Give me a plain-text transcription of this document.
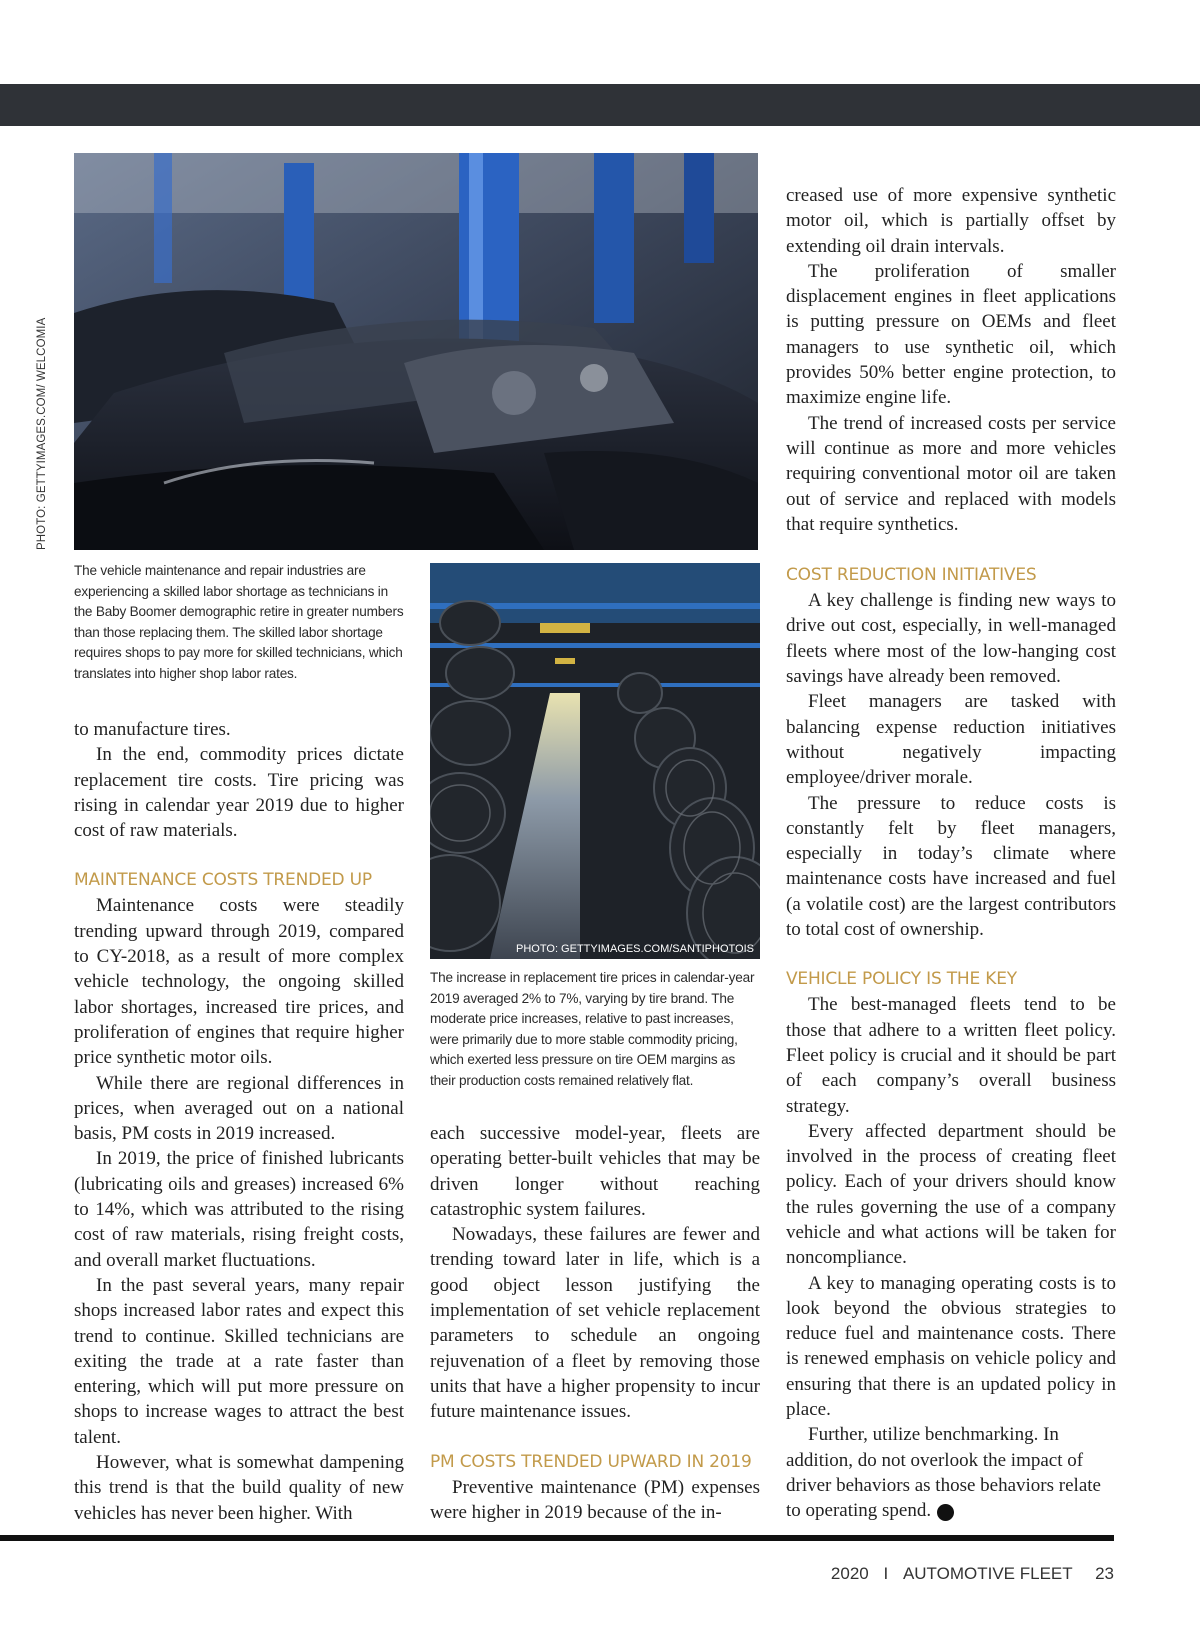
PHOTO: GETTYIMAGES.COM/ WELCOMIA
The vehicle maintenance and repair industries are experiencing a skilled labor shortage as technicians in the Baby Boomer demographic retire in greater numbers than those replacing them. The skilled labor shortage requires shops to pay more for skilled technicians, which translates into higher shop labor rates.
PHOTO: GETTYIMAGES.COM/SANTIPHOTOIS
The increase in replacement tire prices in calendar-year 2019 averaged 2% to 7%, varying by tire brand. The moderate price increases, relative to past increases, were primarily due to more stable commodity pricing, which exerted less pressure on tire OEM margins as their production costs remained relatively flat.

to manufacture tires.

In the end, commodity prices dictate replacement tire costs. Tire pricing was rising in calendar year 2019 due to higher cost of raw materials.

MAINTENANCE COSTS TRENDED UP

Maintenance costs were steadily trending upward through 2019, compared to CY-2018, as a result of more complex vehicle technology, the ongoing skilled labor shortages, increased tire prices, and proliferation of engines that require higher price synthetic motor oils.

While there are regional differences in prices, when averaged out on a national basis, PM costs in 2019 increased.

In 2019, the price of finished lubricants (lubricating oils and greases) increased 6% to 14%, which was attributed to the rising cost of raw materials, rising freight costs, and overall market fluctuations.

In the past several years, many repair shops increased labor rates and expect this trend to continue. Skilled technicians are exiting the trade at a rate faster than entering, which will put more pressure on shops to increase wages to attract the best talent.

However, what is somewhat dampening this trend is that the build quality of new vehicles has never been higher. With

each successive model-year, fleets are operating better-built vehicles that may be driven longer without reaching catastrophic system failures.

Nowadays, these failures are fewer and trending toward later in life, which is a good object lesson justifying the implementation of set vehicle replacement parameters to schedule an ongoing rejuvenation of a fleet by removing those units that have a higher propensity to incur future maintenance issues.

PM COSTS TRENDED UPWARD IN 2019

Preventive maintenance (PM) expenses were higher in 2019 because of the in-

creased use of more expensive synthetic motor oil, which is partially offset by extending oil drain intervals.

The proliferation of smaller displacement engines in fleet applications is putting pressure on OEMs and fleet managers to use synthetic oil, which provides 50% better engine protection, to maximize engine life.

The trend of increased costs per service will continue as more and more vehicles requiring conventional motor oil are taken out of service and replaced with models that require synthetics.

COST REDUCTION INITIATIVES

A key challenge is finding new ways to drive out cost, especially, in well-managed fleets where most of the low-hanging cost savings have already been removed.

Fleet managers are tasked with balancing expense reduction initiatives without negatively impacting employee/driver morale.

The pressure to reduce costs is constantly felt by fleet managers, especially in today’s climate where maintenance costs have increased and fuel (a volatile cost) are the largest contributors to total cost of ownership.

VEHICLE POLICY IS THE KEY

The best-managed fleets tend to be those that adhere to a written fleet policy. Fleet policy is crucial and it should be part of each company’s overall business strategy.

Every affected department should be involved in the process of creating fleet policy. Each of your drivers should know the rules governing the use of a company vehicle and what actions will be taken for noncompliance.

A key to managing operating costs is to look beyond the obvious strategies to reduce fuel and maintenance costs. There is renewed emphasis on vehicle policy and ensuring that there is an updated policy in place.

Further, utilize benchmarking. In addition, do not overlook the impact of driver behaviors as those behaviors relate to operating spend.	AF

2020 I AUTOMOTIVE FLEET 23
